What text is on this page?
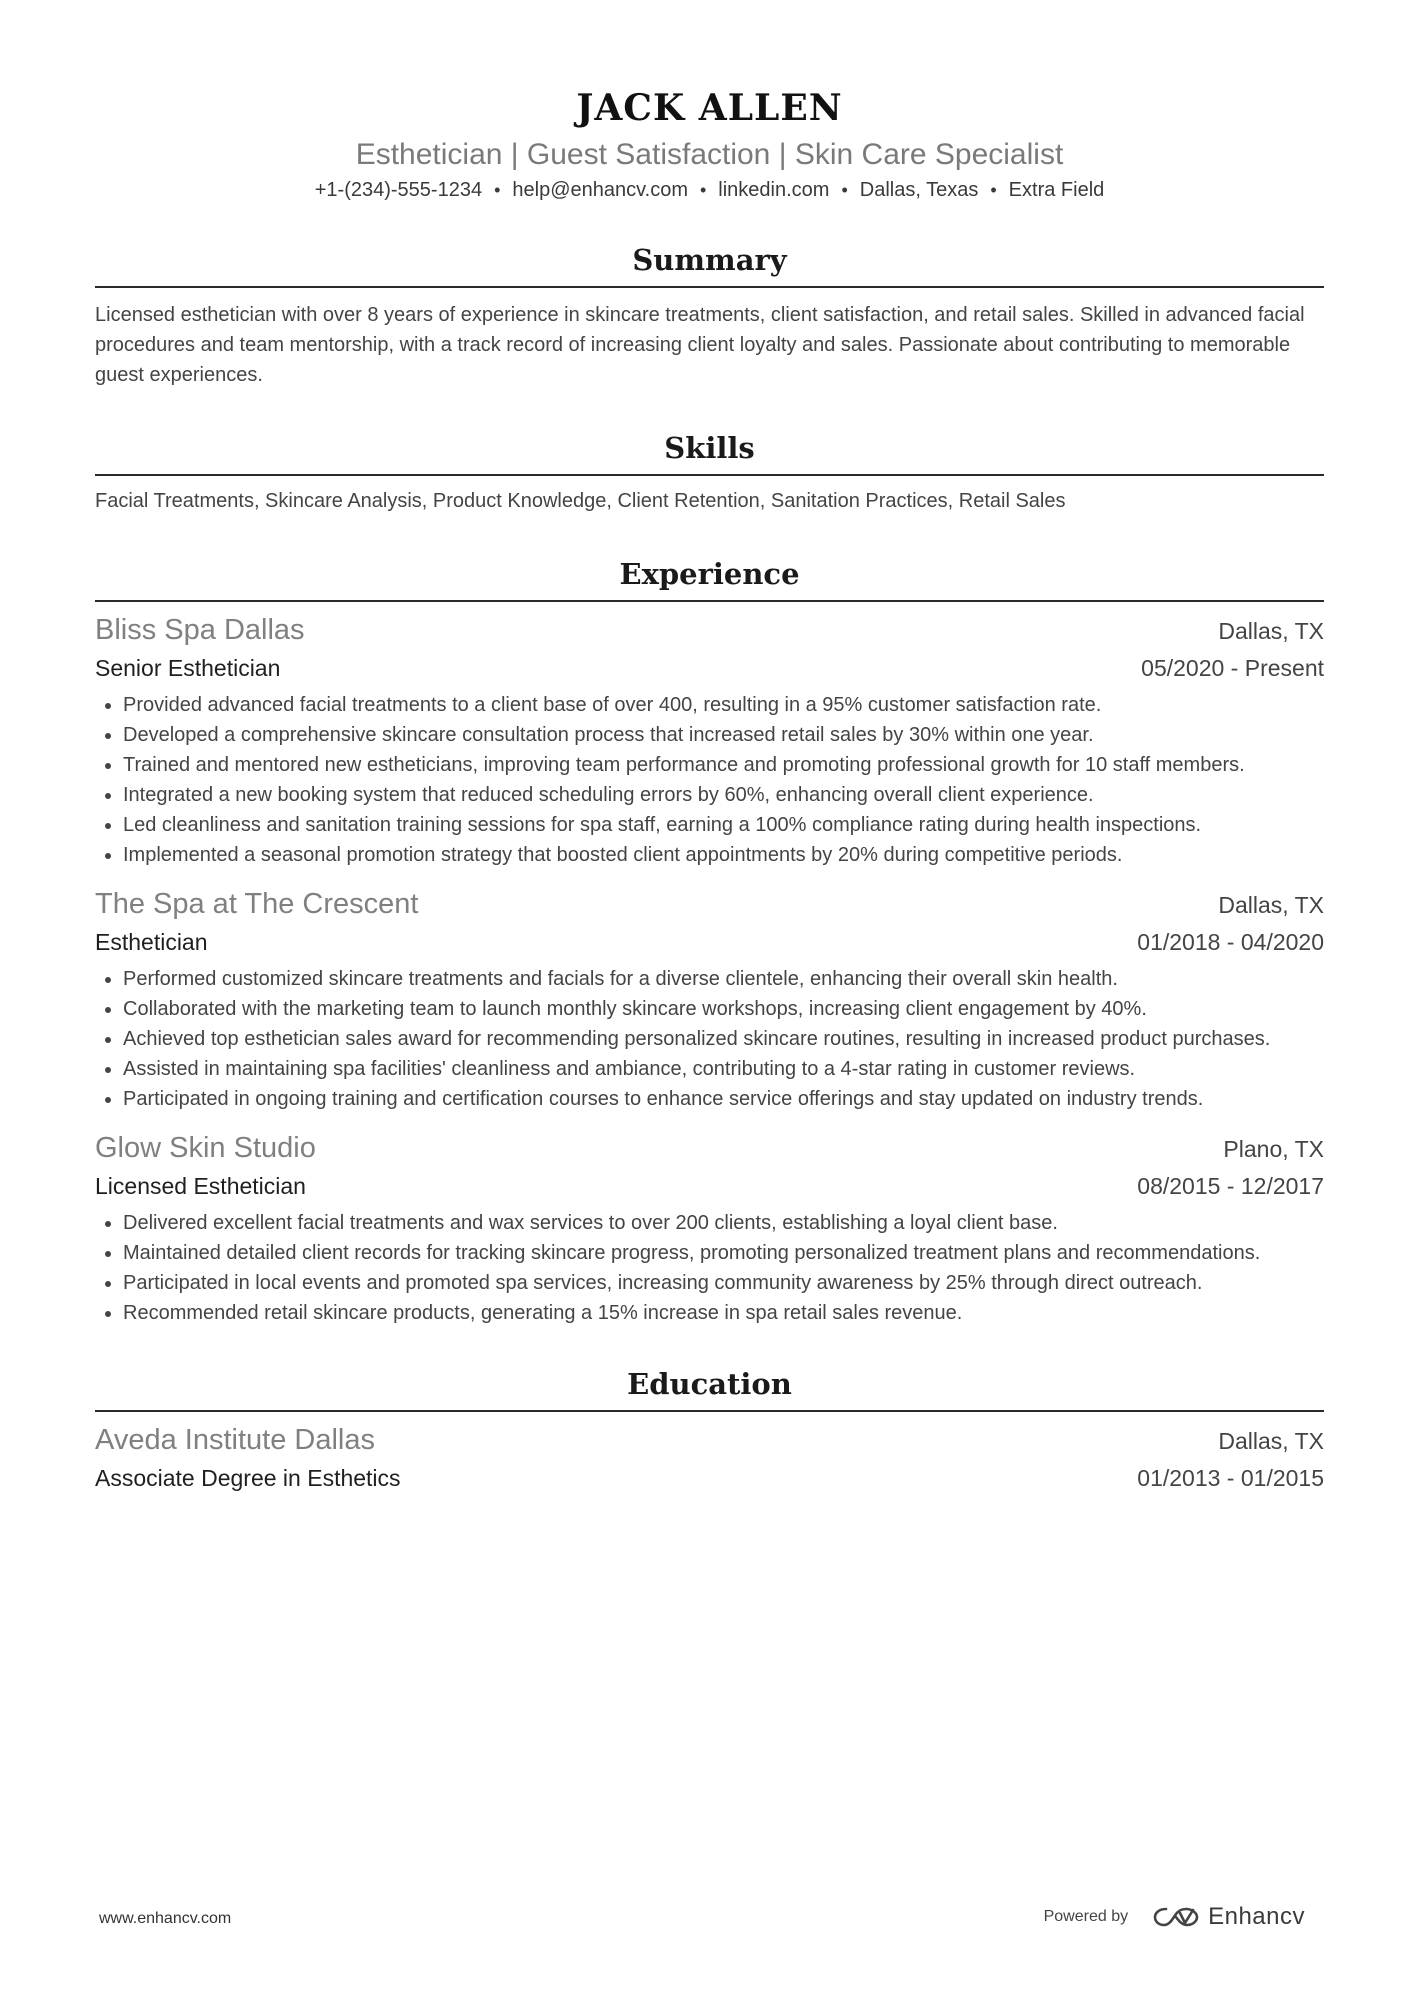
JACK ALLEN
Esthetician | Guest Satisfaction | Skin Care Specialist
+1-(234)-555-1234 • help@enhancv.com • linkedin.com • Dallas, Texas • Extra Field
Summary
Licensed esthetician with over 8 years of experience in skincare treatments, client satisfaction, and retail sales. Skilled in advanced facial procedures and team mentorship, with a track record of increasing client loyalty and sales. Passionate about contributing to memorable guest experiences.
Skills
Facial Treatments, Skincare Analysis, Product Knowledge, Client Retention, Sanitation Practices, Retail Sales
Experience
Bliss Spa Dallas	Dallas, TX
Senior Esthetician	05/2020 - Present
• Provided advanced facial treatments to a client base of over 400, resulting in a 95% customer satisfaction rate.
• Developed a comprehensive skincare consultation process that increased retail sales by 30% within one year.
• Trained and mentored new estheticians, improving team performance and promoting professional growth for 10 staff members.
• Integrated a new booking system that reduced scheduling errors by 60%, enhancing overall client experience.
• Led cleanliness and sanitation training sessions for spa staff, earning a 100% compliance rating during health inspections.
• Implemented a seasonal promotion strategy that boosted client appointments by 20% during competitive periods.
The Spa at The Crescent	Dallas, TX
Esthetician	01/2018 - 04/2020
• Performed customized skincare treatments and facials for a diverse clientele, enhancing their overall skin health.
• Collaborated with the marketing team to launch monthly skincare workshops, increasing client engagement by 40%.
• Achieved top esthetician sales award for recommending personalized skincare routines, resulting in increased product purchases.
• Assisted in maintaining spa facilities' cleanliness and ambiance, contributing to a 4-star rating in customer reviews.
• Participated in ongoing training and certification courses to enhance service offerings and stay updated on industry trends.
Glow Skin Studio	Plano, TX
Licensed Esthetician	08/2015 - 12/2017
• Delivered excellent facial treatments and wax services to over 200 clients, establishing a loyal client base.
• Maintained detailed client records for tracking skincare progress, promoting personalized treatment plans and recommendations.
• Participated in local events and promoted spa services, increasing community awareness by 25% through direct outreach.
• Recommended retail skincare products, generating a 15% increase in spa retail sales revenue.
Education
Aveda Institute Dallas	Dallas, TX
Associate Degree in Esthetics	01/2013 - 01/2015
www.enhancv.com	Powered by	Enhancv
